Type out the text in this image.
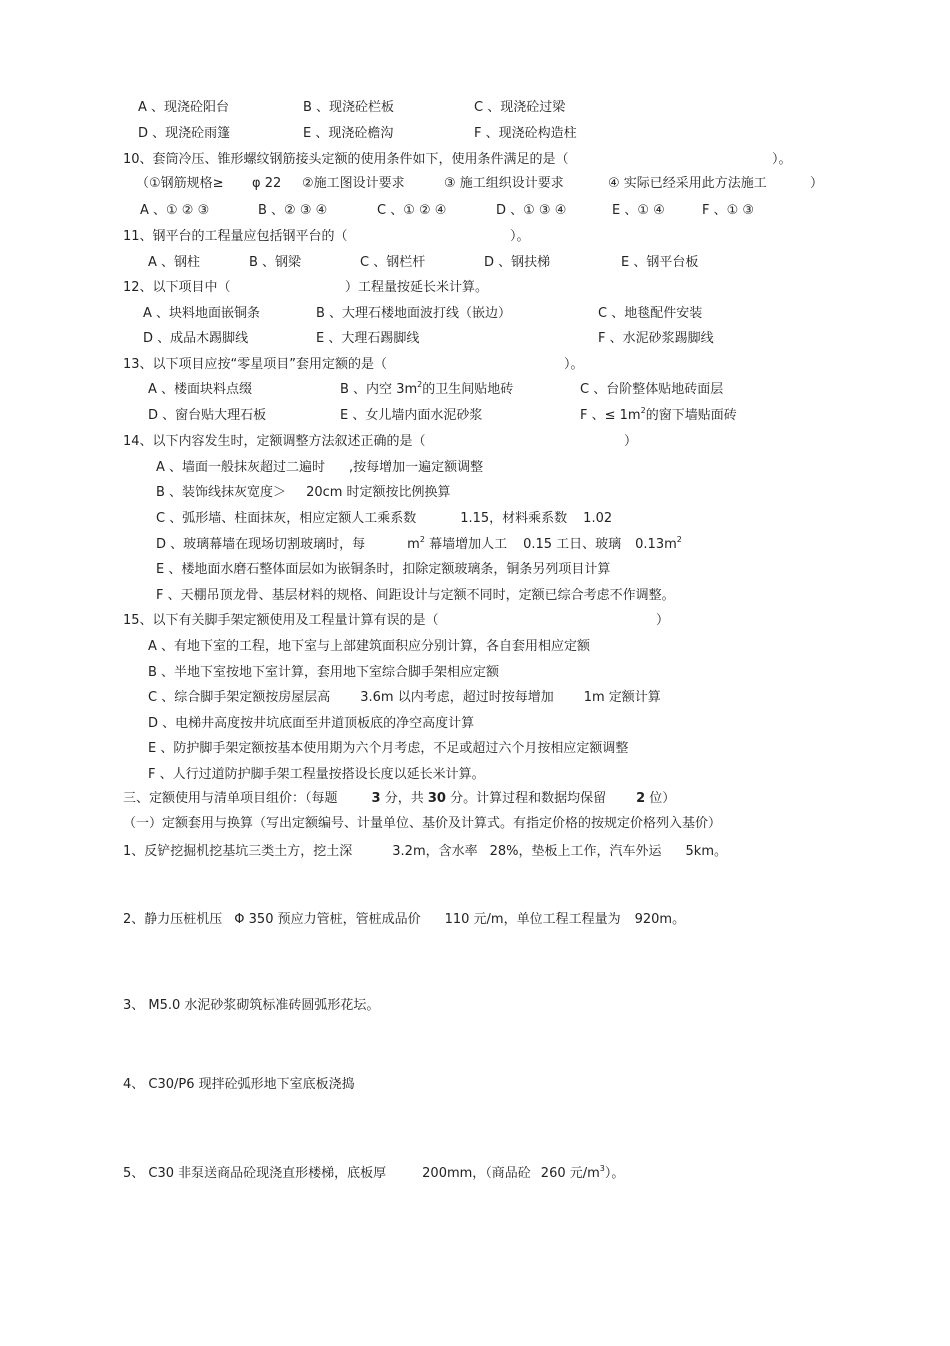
A 、现浇砼阳台	B 、现浇砼栏板	C 、现浇砼过梁
D 、现浇砼雨篷	E 、现浇砼檐沟	F 、现浇砼构造柱
10、套筒冷压、锥形螺纹钢筋接头定额的使用条件如下，使用条件满足的是（	）。
（①钢筋规格≥ φ 22 ②施工图设计要求	③ 施工组织设计要求	④ 实际已经采用此方法施工	）
A 、① ② ③	B 、② ③ ④	C 、① ② ④	D 、① ③ ④	E 、① ④	F 、① ③
11、钢平台的工程量应包括钢平台的（	）。
A 、钢柱	B 、钢梁	C 、钢栏杆	D 、钢扶梯	E 、钢平台板
12、以下项目中（	）工程量按延长米计算。
A 、块料地面嵌铜条	B 、大理石楼地面波打线（嵌边）	C 、地毯配件安装
D 、成品木踢脚线	E 、大理石踢脚线	F 、水泥砂浆踢脚线
13、以下项目应按“零星项目”套用定额的是（	）。
A 、楼面块料点缀	B 、内空 $3m^2$的卫生间贴地砖	C 、台阶整体贴地砖面层
D 、窗台贴大理石板	E 、女儿墙内面水泥砂浆	F 、≤ $1m^2$的窗下墙贴面砖
14、以下内容发生时，定额调整方法叙述正确的是（	）
A 、墙面一般抹灰超过二遍时 ,按每增加一遍定额调整
B 、装饰线抹灰宽度＞ 20cm 时定额按比例换算
C 、弧形墙、柱面抹灰，相应定额人工乘系数	1.15，材料乘系数 1.02
D 、玻璃幕墙在现场切割玻璃时，每	$m^2$ 幕墙增加人工 0.15 工日、玻璃 $0.13m^2$
E 、楼地面水磨石整体面层如为嵌铜条时，扣除定额玻璃条，铜条另列项目计算
F 、天棚吊顶龙骨、基层材料的规格、间距设计与定额不同时，定额已综合考虑不作调整。
15、以下有关脚手架定额使用及工程量计算有误的是（	）
A 、有地下室的工程，地下室与上部建筑面积应分别计算，各自套用相应定额
B 、半地下室按地下室计算，套用地下室综合脚手架相应定额
C 、综合脚手架定额按房屋层高 3.6m 以内考虑，超过时按每增加 1m 定额计算
D 、电梯井高度按井坑底面至井道顶板底的净空高度计算
E 、防护脚手架定额按基本使用期为六个月考虑，不足或超过六个月按相应定额调整
F 、人行过道防护脚手架工程量按搭设长度以延长米计算。
三、定额使用与清单项目组价：（每题	3 分，共 30 分。计算过程和数据均保留 2 位）
（一）定额套用与换算（写出定额编号、计量单位、基价及计算式。有指定价格的按规定价格列入基价）
1、反铲挖掘机挖基坑三类土方，挖土深	3.2m，含水率 28%，垫板上工作，汽车外运 5km。
2、静力压桩机压 Φ 350 预应力管桩，管桩成品价 110 元/m，单位工程工程量为 920m。
3、 M5.0 水泥砂浆砌筑标准砖圆弧形花坛。
4、 C30/P6 现拌砼弧形地下室底板浇捣
5、 C30 非泵送商品砼现浇直形楼梯，底板厚	200mm，（商品砼 260 元$/m^3$）。
